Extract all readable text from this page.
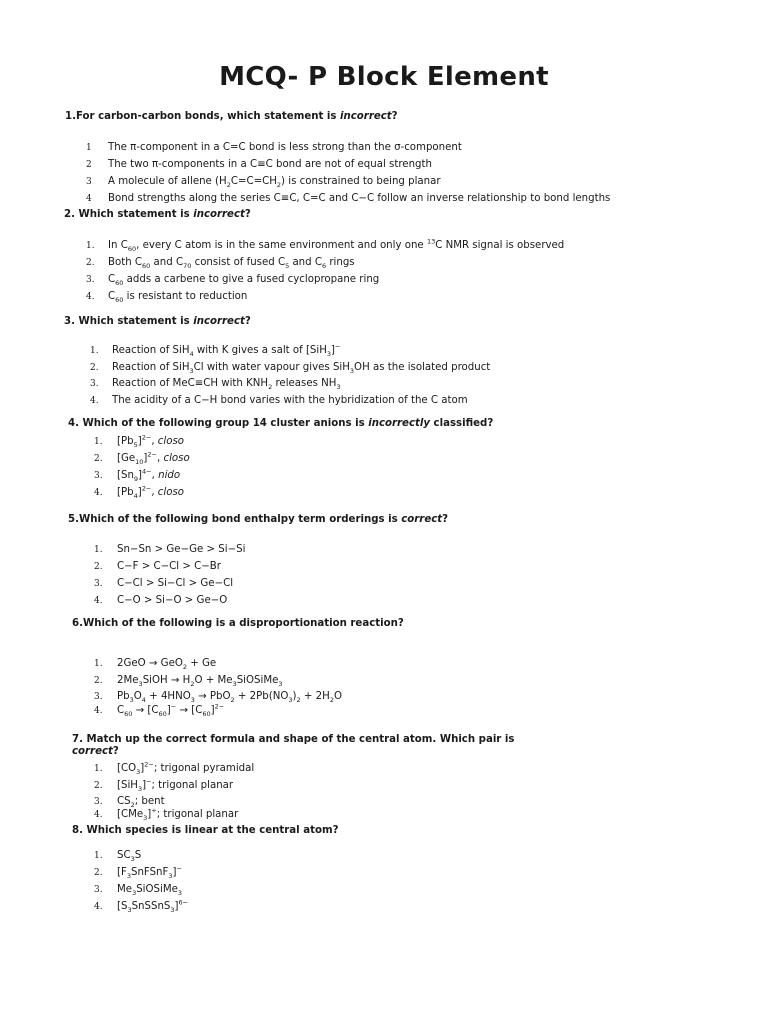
MCQ- P Block Element
1.For carbon-carbon bonds, which statement is incorrect?
1 The π-component in a C=C bond is less strong than the σ-component
2 The two π-components in a C≡C bond are not of equal strength
3 A molecule of allene $(H_2C=C=CH_2)$ is constrained to being planar
4 Bond strengths along the series C≡C, C=C and C−C follow an inverse relationship to bond lengths
2. Which statement is incorrect?
1. In $C_{60}$, every C atom is in the same environment and only one $^{13}$C NMR signal is observed
2. Both $C_{60}$ and $C_{70}$ consist of fused $C_5$ and $C_6$ rings
3. $C_{60}$ adds a carbene to give a fused cyclopropane ring
4. $C_{60}$ is resistant to reduction
3. Which statement is incorrect?
1. Reaction of SiH$_4$ with K gives a salt of [SiH$_3$]−
2. Reaction of SiH$_3$Cl with water vapour gives SiH$_3$OH as the isolated product
3. Reaction of MeC≡CH with $KNH_2$ releases $NH_3$
4. The acidity of a C−H bond varies with the hybridization of the C atom
4. Which of the following group 14 cluster anions is incorrectly classified?
1. $[Pb_5]^{2-}$, closo
2. $[Ge_{10}]^{2-}$, closo
3. $[Sn_9]^{4-}$, nido
4. $[Pb_4]^{2-}$, closo
5.Which of the following bond enthalpy term orderings is correct?
1. Sn−Sn > Ge−Ge > Si−Si
2. C−F > C−Cl > C−Br
3. C−Cl > Si−Cl > Ge−Cl
4. C−O > Si−O > Ge−O
6.Which of the following is a disproportionation reaction?
1. 2GeO → GeO$_2$ + Ge
2. $2Me_3SiOH \to H_2O$ + $Me_3SiOSiMe_3$
3. $Pb_3O_4 + 4HNO_3 \to PbO_2 + 2Pb(NO_3)_2 + 2H_2O$
4. $C_{60} \to [C_{60}]^- \to [C_{60}]^{2-}$
7. Match up the correct formula and shape of the central atom. Which pair is correct?
1. $[CO_3]^{2-}$; trigonal pyramidal
2. [SiH$_3$]−; trigonal planar
3. $CS_2$; bent
4. [CMe$_3$]+; trigonal planar
8. Which species is linear at the central atom?
1. $SC_3S$
2. $[F_3SnFSnF_3]^-$
3. $Me_3SiOSiMe_3$
4. $[S_3SnSSnS_3]^{6-}$
